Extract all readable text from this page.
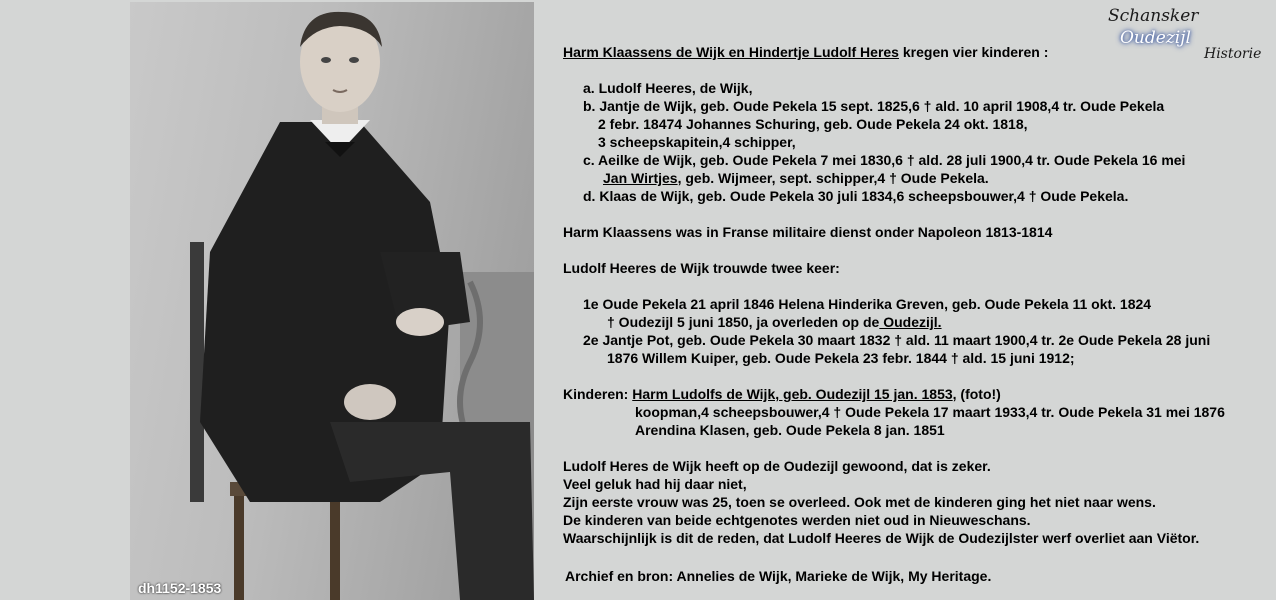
dh1152-1853
Schansker
Oudezijl
Historie
Harm Klaassens de Wijk en Hindertje Ludolf Heres kregen vier kinderen :
a. Ludolf Heeres, de Wijk,
b. Jantje de Wijk, geb. Oude Pekela 15 sept. 1825,6 † ald. 10 april 1908,4 tr. Oude Pekela
2 febr. 18474 Johannes Schuring, geb. Oude Pekela 24 okt. 1818,
3 scheepskapitein,4 schipper,
c. Aeilke de Wijk, geb. Oude Pekela 7 mei 1830,6 † ald. 28 juli 1900,4 tr. Oude Pekela 16 mei
Jan Wirtjes, geb. Wijmeer, sept. schipper,4 † Oude Pekela.
d. Klaas de Wijk, geb. Oude Pekela 30 juli 1834,6 scheepsbouwer,4 † Oude Pekela.
Harm Klaassens was in Franse militaire dienst onder Napoleon 1813-1814
Ludolf Heeres de Wijk trouwde twee keer:
1e Oude Pekela 21 april 1846 Helena Hinderika Greven, geb. Oude Pekela 11 okt. 1824
† Oudezijl 5 juni 1850, ja overleden op de Oudezijl.
2e Jantje Pot, geb. Oude Pekela 30 maart 1832 † ald. 11 maart 1900,4 tr. 2e Oude Pekela 28 juni
1876 Willem Kuiper, geb. Oude Pekela 23 febr. 1844 † ald. 15 juni 1912;
Kinderen: Harm Ludolfs de Wijk, geb. Oudezijl 15 jan. 1853, (foto!)
koopman,4 scheepsbouwer,4 † Oude Pekela 17 maart 1933,4 tr. Oude Pekela 31 mei 1876
Arendina Klasen, geb. Oude Pekela 8 jan. 1851
Ludolf Heres de Wijk heeft op de Oudezijl gewoond, dat is zeker.
Veel geluk had hij daar niet,
Zijn eerste vrouw was 25, toen se overleed. Ook met de kinderen ging het niet naar wens.
De kinderen van beide echtgenotes werden niet oud in Nieuweschans.
Waarschijnlijk is dit de reden, dat Ludolf Heeres de Wijk de Oudezijlster werf overliet aan Viëtor.
Archief en bron: Annelies de Wijk, Marieke de Wijk, My Heritage.
